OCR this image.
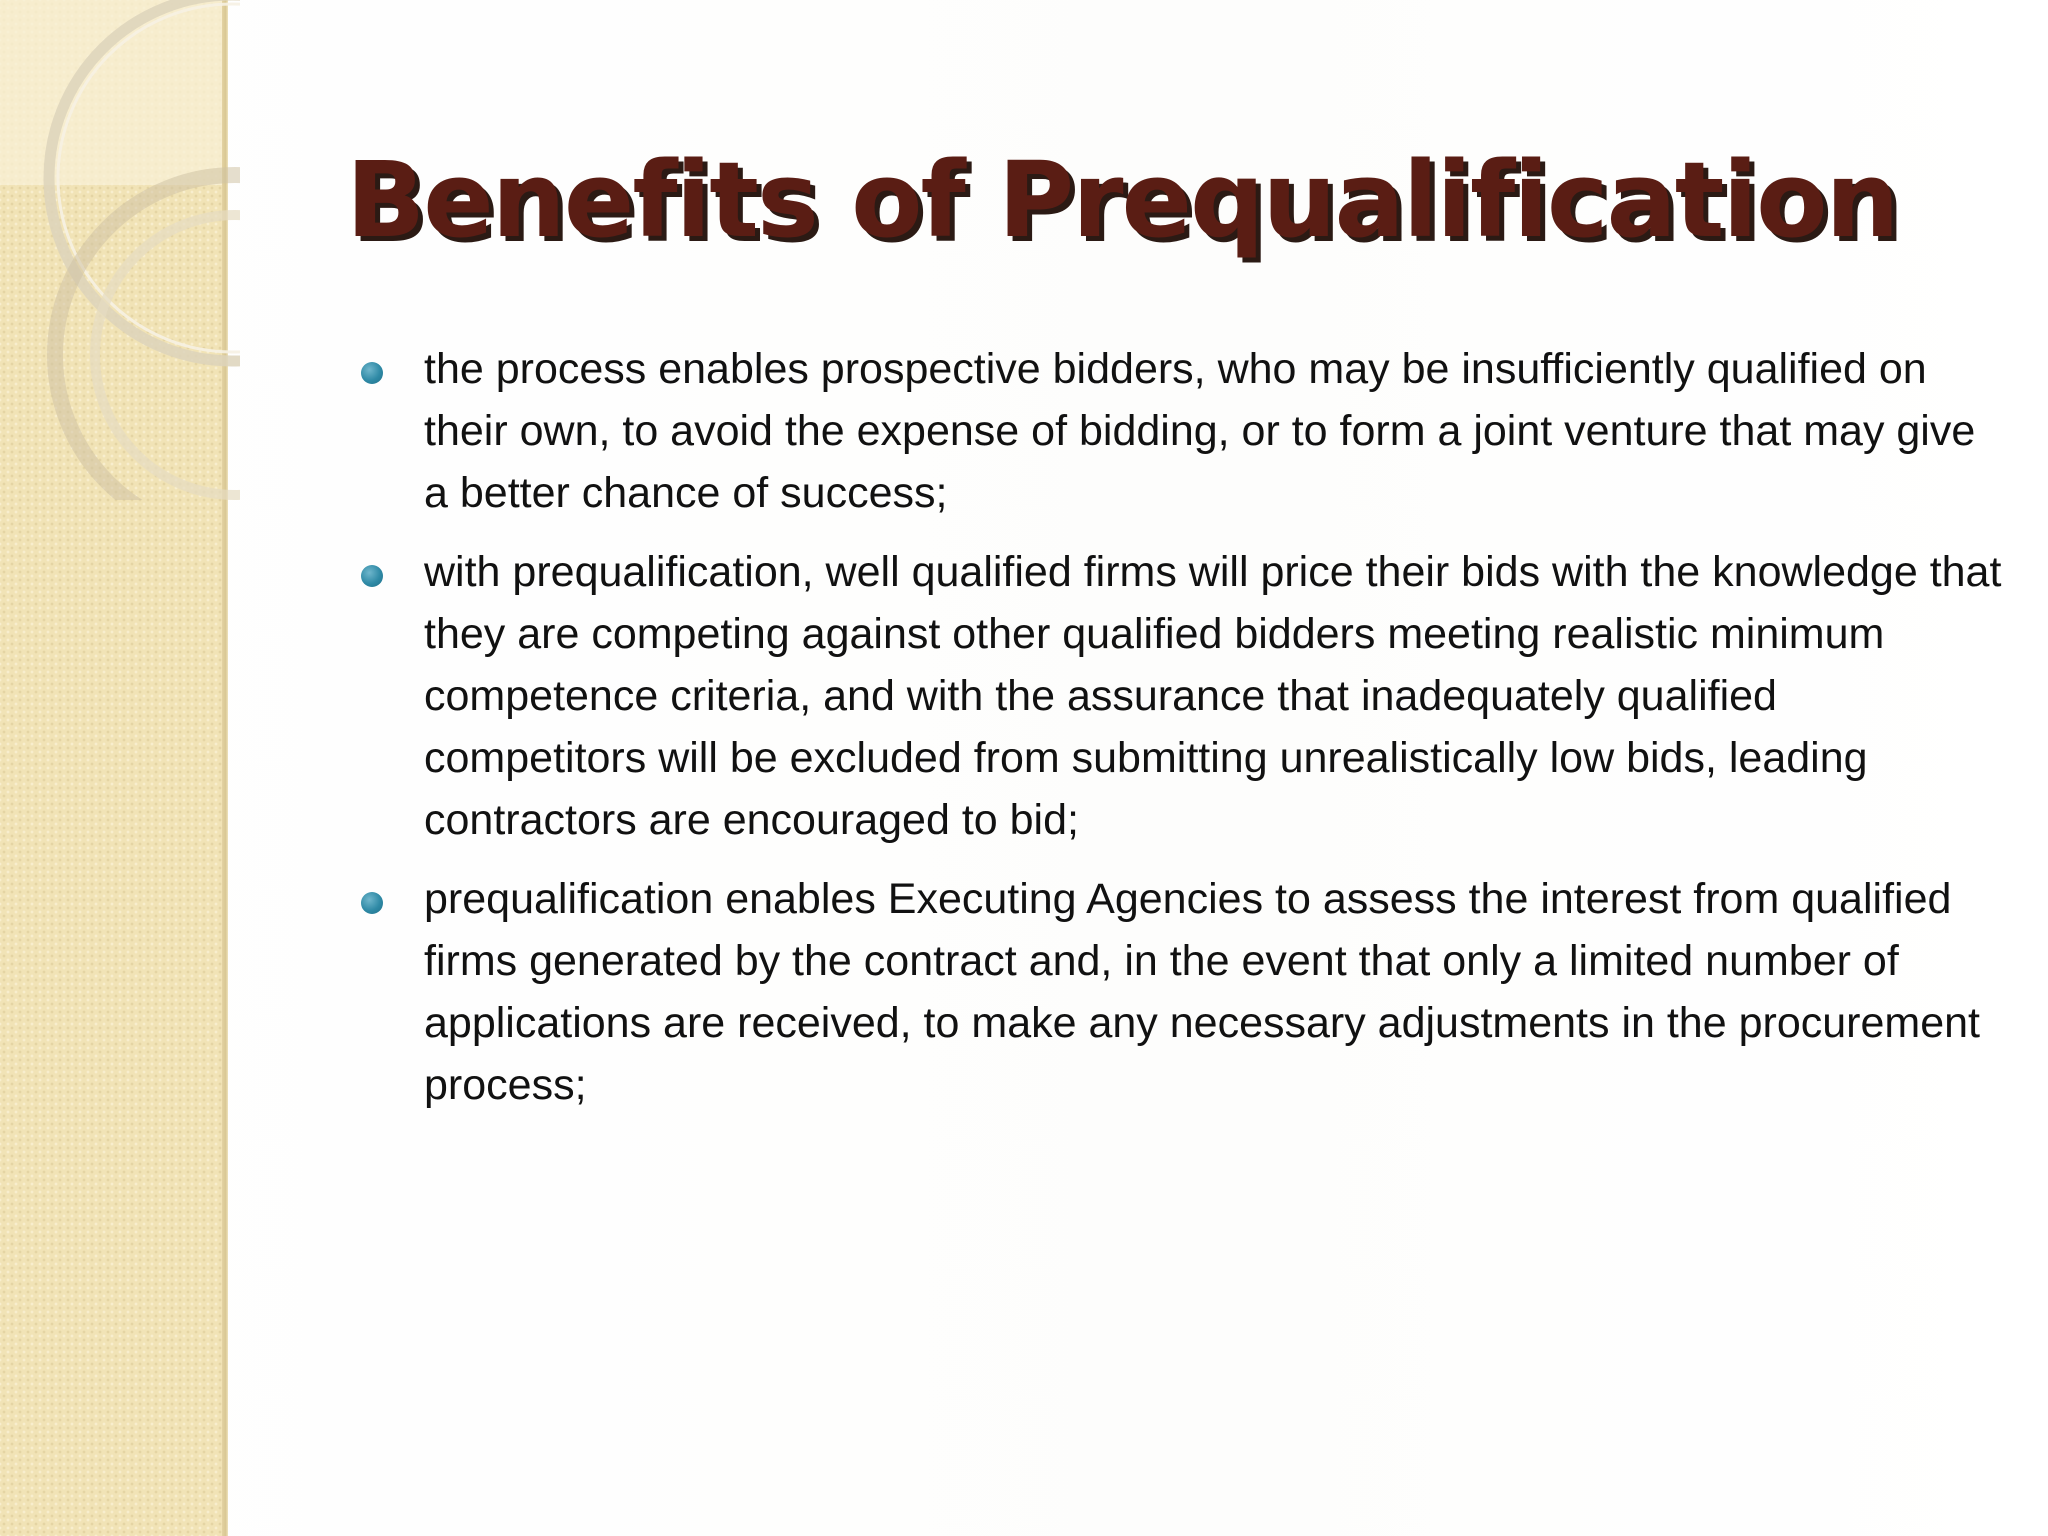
Benefits of Prequalification
the process enables prospective bidders, who may be insufficiently qualified on their own, to avoid the expense of bidding, or to form a joint venture that may give a better chance of success;
with prequalification, well qualified firms will price their bids with the knowledge that they are competing against other qualified bidders meeting realistic minimum competence criteria, and with the assurance that inadequately qualified competitors will be excluded from submitting unrealistically low bids, leading contractors are encouraged to bid;
prequalification enables Executing Agencies to assess the interest from qualified firms generated by the contract and, in the event that only a limited number of applications are received, to make any necessary adjustments in the procurement process;
